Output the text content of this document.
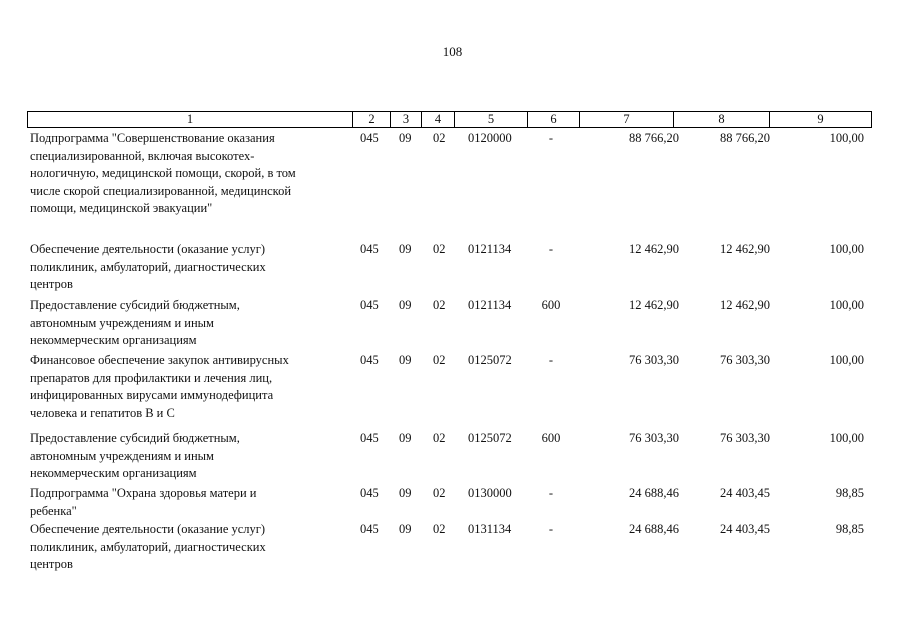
108
1	2	3	4	5	6	7	8	9
Подпрограмма "Совершенствование оказания
специализированной, включая высокотех-
нологичную, медицинской помощи, скорой, в том
числе скорой специализированной, медицинской
помощи, медицинской эвакуации"
045	09	02	0120000	-	88 766,20	88 766,20	100,00
Обеспечение деятельности (оказание услуг)
поликлиник, амбулаторий, диагностических
центров
045	09	02	0121134	-	12 462,90	12 462,90	100,00
Предоставление субсидий бюджетным,
автономным учреждениям и иным
некоммерческим организациям
045	09	02	0121134	600	12 462,90	12 462,90	100,00
Финансовое обеспечение закупок антивирусных
препаратов для профилактики и лечения лиц,
инфицированных вирусами иммунодефицита
человека и гепатитов В и С
045	09	02	0125072	-	76 303,30	76 303,30	100,00
Предоставление субсидий бюджетным,
автономным учреждениям и иным
некоммерческим организациям
045	09	02	0125072	600	76 303,30	76 303,30	100,00
Подпрограмма "Охрана здоровья матери и
ребенка"
045	09	02	0130000	-	24 688,46	24 403,45	98,85
Обеспечение деятельности (оказание услуг)
поликлиник, амбулаторий, диагностических
центров
045	09	02	0131134	-	24 688,46	24 403,45	98,85
